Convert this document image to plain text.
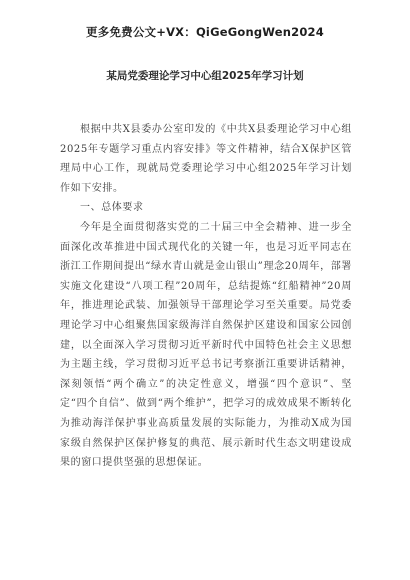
更多免费公文+VX：QiGeGongWen2024
某局党委理论学习中心组2025年学习计划

根据中共X县委办公室印发的《中共X县委理论学习中心组2025年专题学习重点内容安排》等文件精神，结合X保护区管理局中心工作，现就局党委理论学习中心组2025年学习计划作如下安排。

一、总体要求

今年是全面贯彻落实党的二十届三中全会精神、进一步全面深化改革推进中国式现代化的关键一年，也是习近平同志在浙江工作期间提出“绿水青山就是金山银山”理念20周年，部署实施文化建设“八项工程”20周年，总结提炼“红船精神”20周年，推进理论武装、加强领导干部理论学习至关重要。局党委理论学习中心组聚焦国家级海洋自然保护区建设和国家公园创建，以全面深入学习贯彻习近平新时代中国特色社会主义思想为主题主线，学习贯彻习近平总书记考察浙江重要讲话精神，深刻领悟“两个确立”的决定性意义，增强“四个意识”、坚定“四个自信”、做到“两个维护”，把学习的成效成果不断转化为推动海洋保护事业高质量发展的实际能力，为推动X成为国家级自然保护区保护修复的典范、展示新时代生态文明建设成果的窗口提供坚强的思想保证。
